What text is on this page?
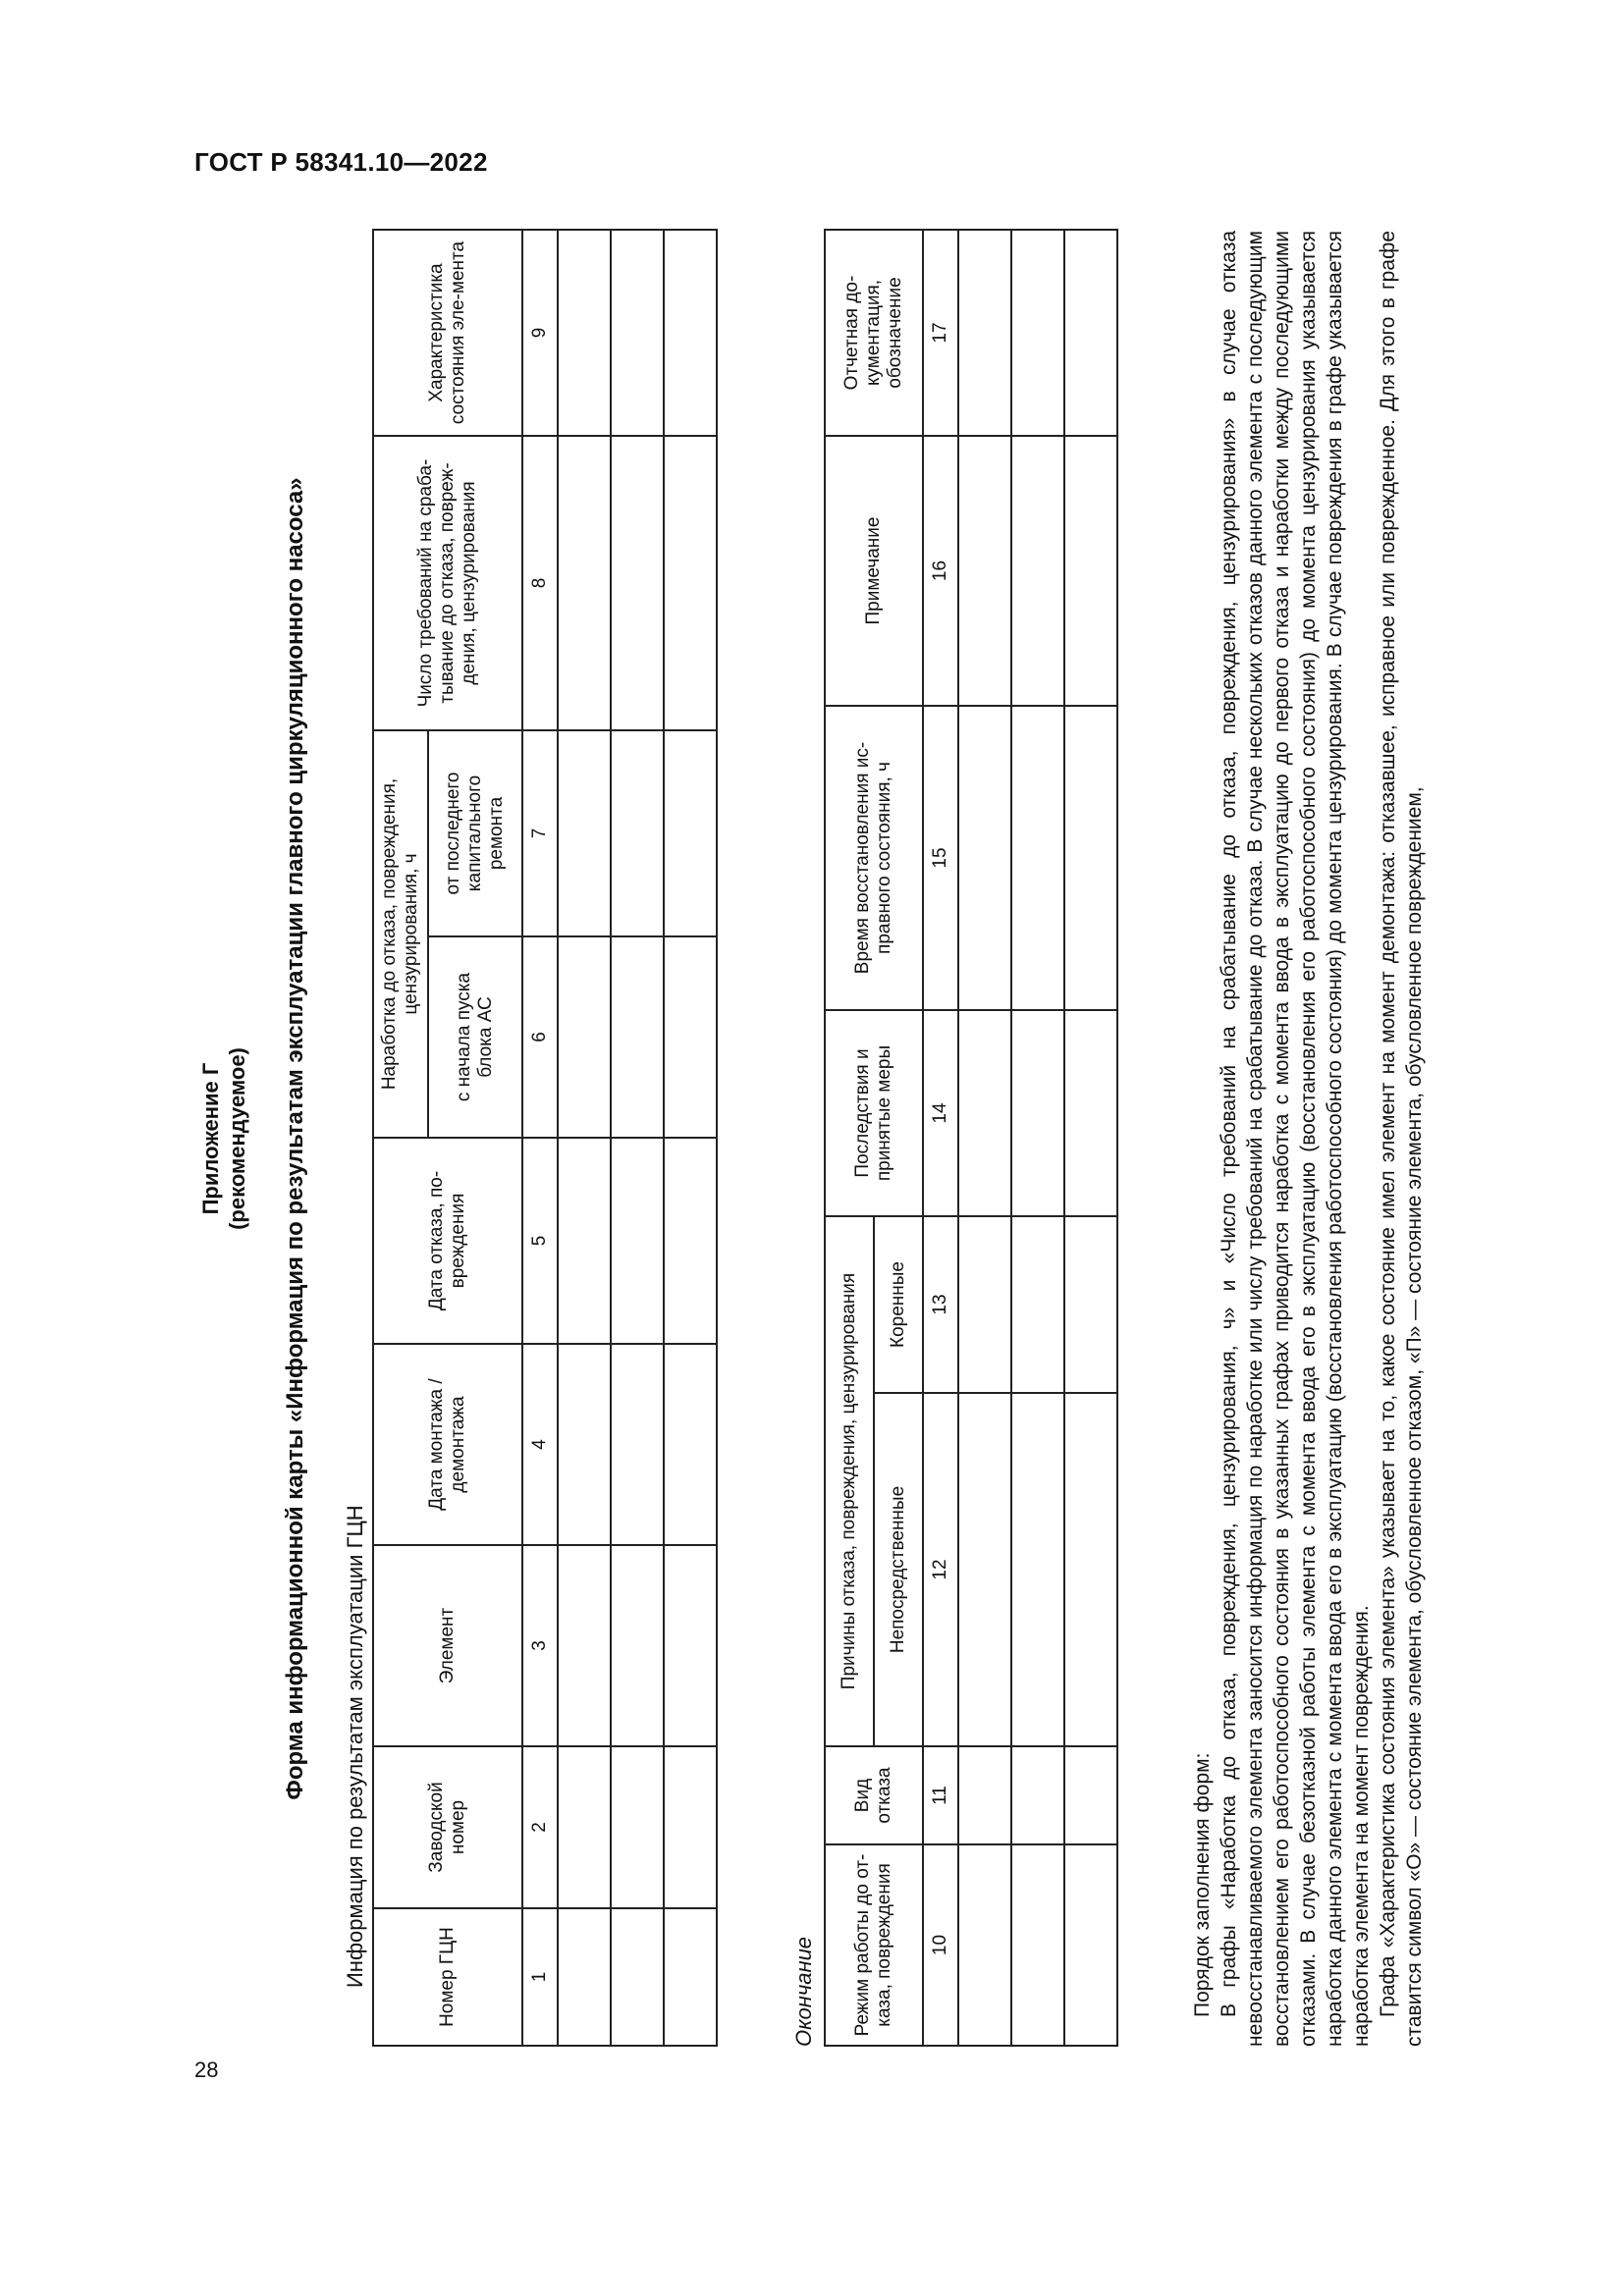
ГОСТ Р 58341.10—2022
28
Приложение Г (рекомендуемое) Форма информационной карты «Информация по результатам эксплуатации главного циркуляционного насоса» Информация по результатам эксплуатации ГЦН	Номер ГЦН	Заводской номер	Элемент	Дата монтажа / демонтажа	Дата отказа, по-вреждения	Наработка до отказа, повреждения, цензурирования, ч		Число требований на сраба-тывание до отказа, повреж-дения, цензурирования	Характеристика состояния эле-мента
					с начала пуска блока АС	от последнего капитального ремонта		
1	2	3	4	5	6	7	8	9

Окончание Режим работы до от-каза, повреждения	Вид отказа	Причины отказа, повреждения, цензурирования		Последствия и принятые меры	Время восстановления ис-правного состояния, ч	Примечание	Отчетная до-кументация, обозначение
		Непосредственные	Коренные				
10	11	12	13	14	15	16	17

Порядок заполнения форм: В графы «Наработка до отказа, повреждения, цензурирования, ч» и «Число требований на срабатывание до отказа, повреждения, цензурирования» в случае отказа невосстанавливаемого элемента заносится информация по наработке или числу требований на срабатывание до отказа. В случае нескольких отказов данного элемента с последующим восстановлением его работоспособного состояния в указанных графах приводится наработка с момента ввода в эксплуатацию до первого отказа и наработки между последующими отказами. В случае безотказной работы элемента с момента ввода его в эксплуатацию (восстановления его работоспособного состояния) до момента цензурирования указывается наработка данного элемента с момента ввода его в эксплуатацию (восстановления работоспособного состояния) до момента цензурирования. В случае повреждения в графе указывается наработка элемента на момент повреждения. Графа «Характеристика состояния элемента» указывает на то, какое состояние имел элемент на момент демонтажа: отказавшее, исправное или поврежденное. Для этого в графе ставится символ «О» — состояние элемента, обусловленное отказом, «П» — состояние элемента, обусловленное повреждением,
